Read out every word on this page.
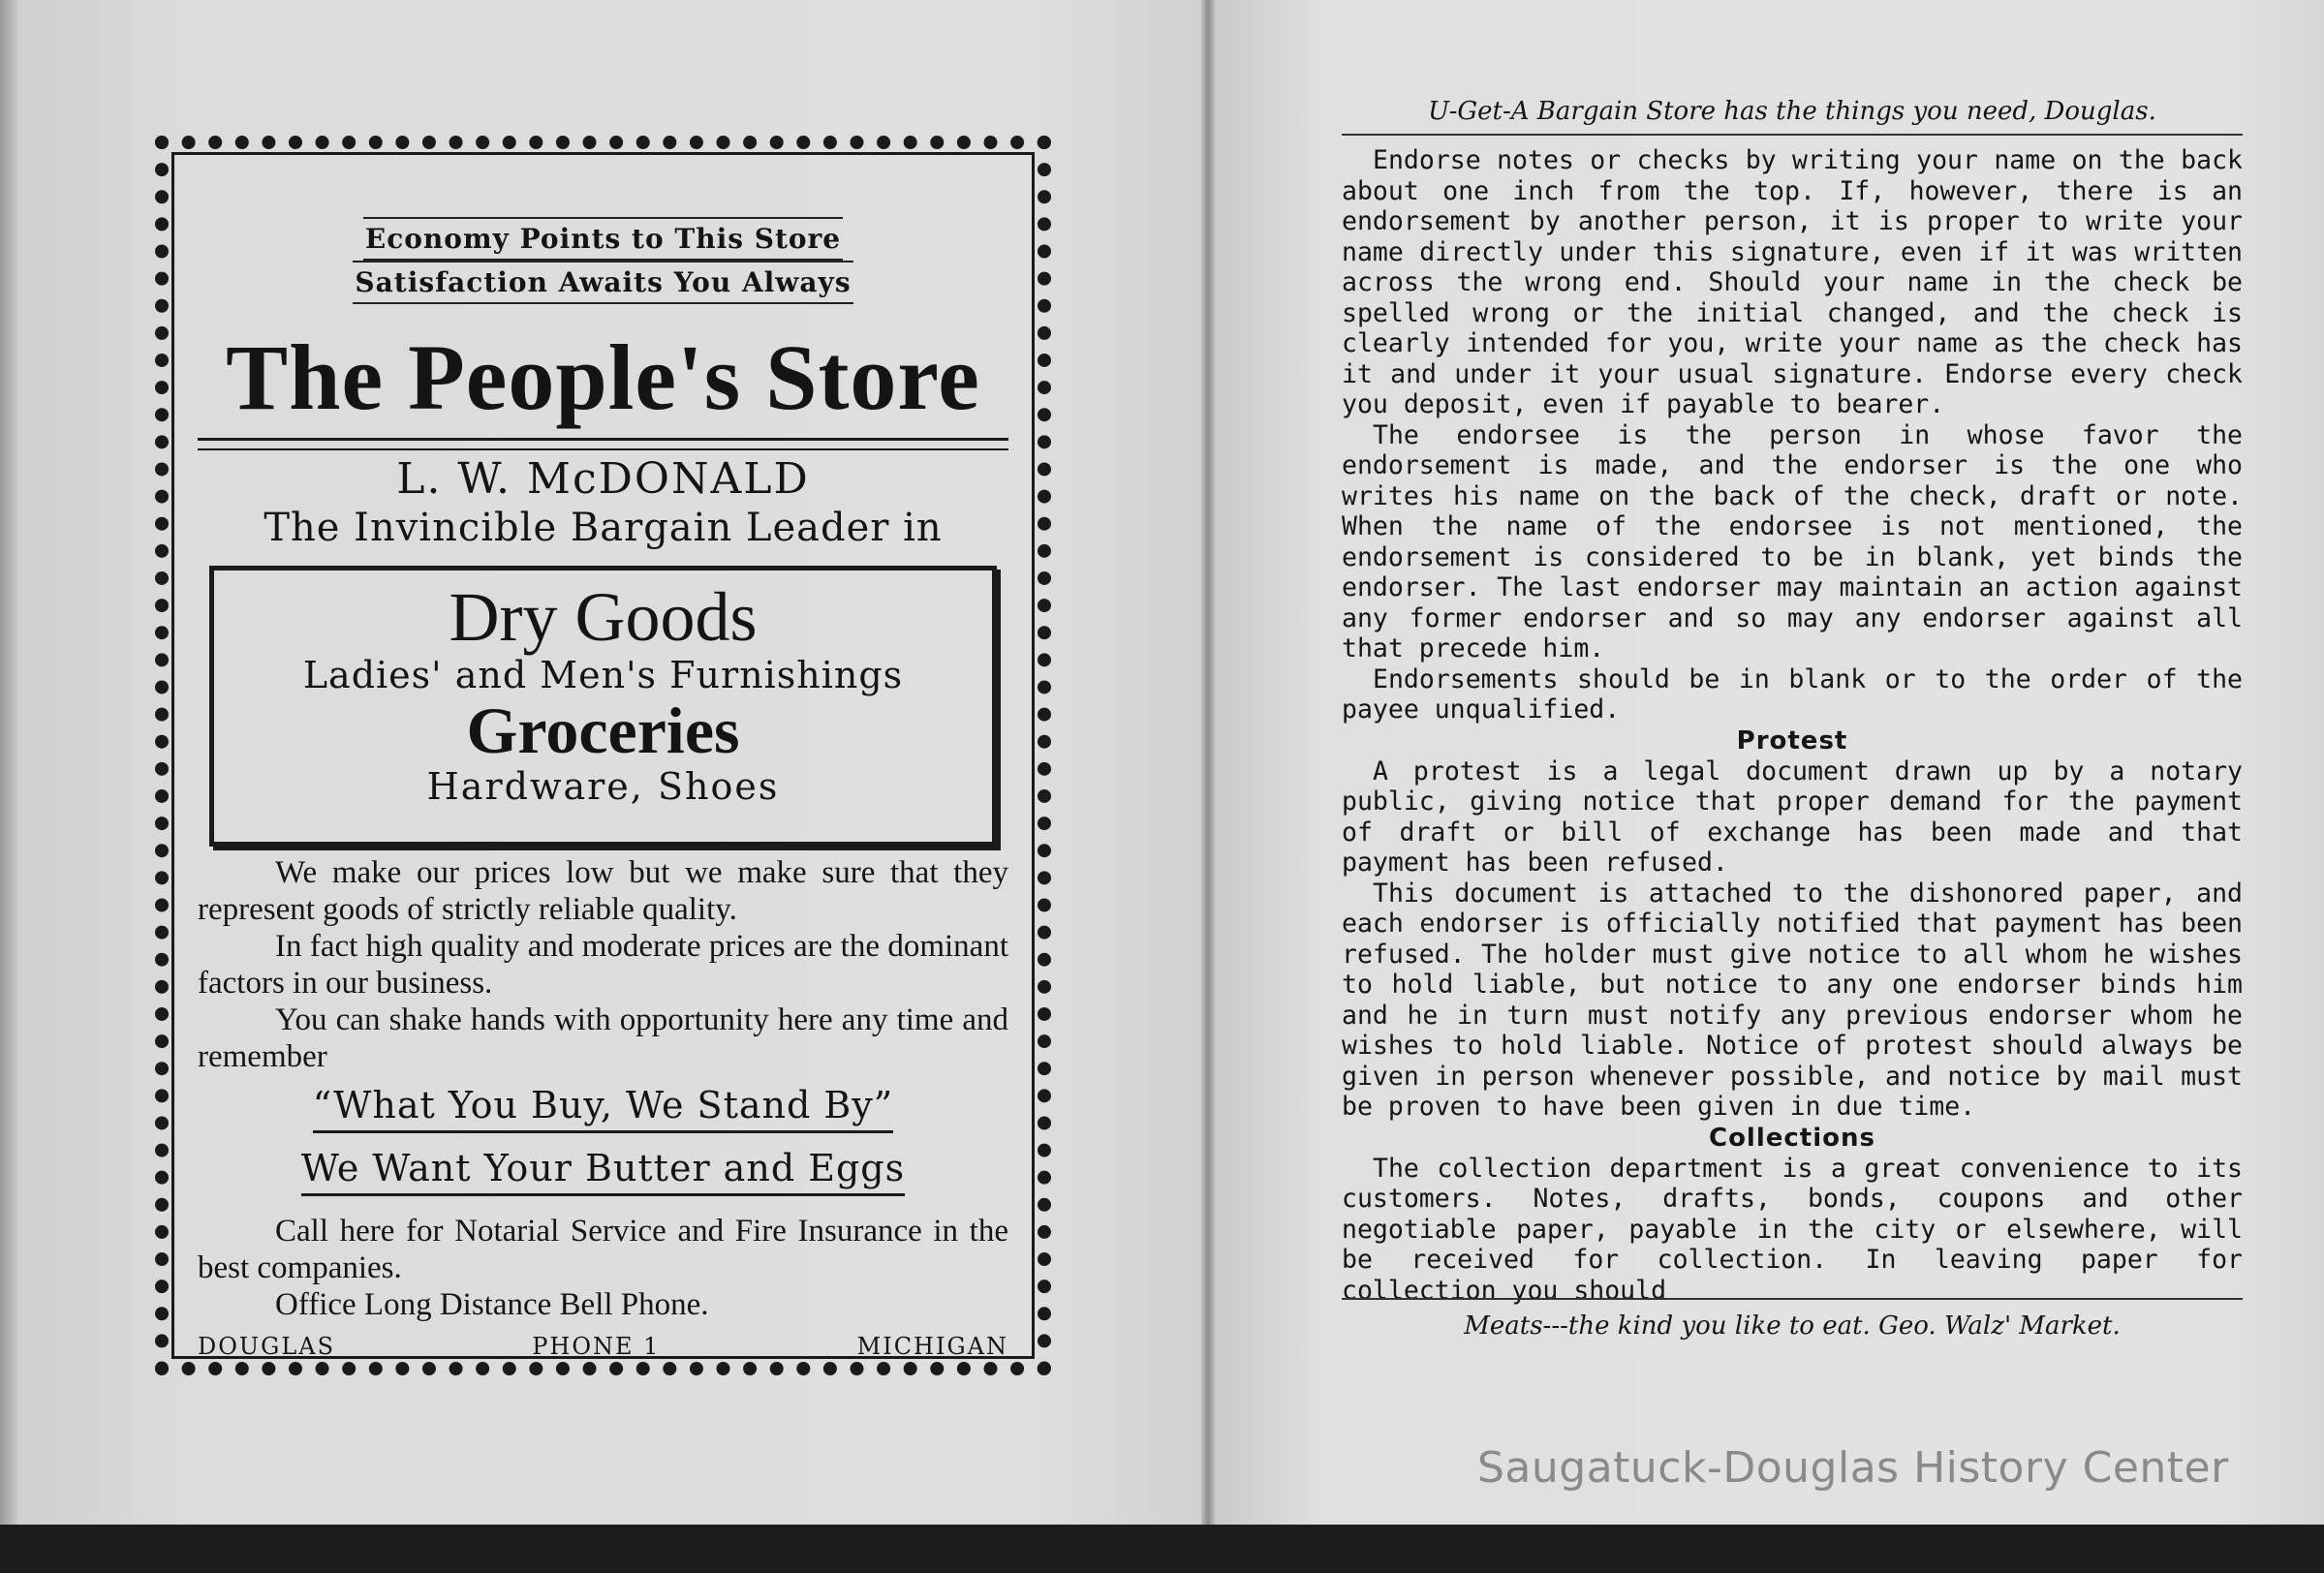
Economy Points to This Store
Satisfaction Awaits You Always
The People's Store
L. W. McDONALD
The Invincible Bargain Leader in
Dry Goods
Ladies' and Men's Furnishings
Groceries
Hardware, Shoes

We make our prices low but we make sure that they represent goods of strictly reliable quality.

In fact high quality and moderate prices are the dominant factors in our business.

You can shake hands with opportunity here any time and remember

“What You Buy, We Stand By”
We Want Your Butter and Eggs

Call here for Notarial Service and Fire Insurance in the best companies.

Office Long Distance Bell Phone.

DOUGLAS	PHONE 1	MICHIGAN
U-Get-A Bargain Store has the things you need, Douglas.

Endorse notes or checks by writing your name on the back about one inch from the top. If, however, there is an endorsement by another person, it is proper to write your name directly under this signature, even if it was written across the wrong end. Should your name in the check be spelled wrong or the initial changed, and the check is clearly intended for you, write your name as the check has it and under it your usual signature. Endorse every check you deposit, even if payable to bearer.

The endorsee is the person in whose favor the endorsement is made, and the endorser is the one who writes his name on the back of the check, draft or note. When the name of the endorsee is not mentioned, the endorsement is considered to be in blank, yet binds the endorser. The last endorser may maintain an action against any former endorser and so may any endorser against all that precede him.

Endorsements should be in blank or to the order of the payee unqualified.

Protest

A protest is a legal document drawn up by a notary public, giving notice that proper demand for the payment of draft or bill of exchange has been made and that payment has been refused.

This document is attached to the dishonored paper, and each endorser is officially notified that payment has been refused. The holder must give notice to all whom he wishes to hold liable, but notice to any one endorser binds him and he in turn must notify any previous endorser whom he wishes to hold liable. Notice of protest should always be given in person whenever possible, and notice by mail must be proven to have been given in due time.

Collections

The collection department is a great convenience to its customers. Notes, drafts, bonds, coupons and other negotiable paper, payable in the city or elsewhere, will be received for collection. In leaving paper for collection you should

Meats---the kind you like to eat. Geo. Walz' Market.
Saugatuck-Douglas History Center
